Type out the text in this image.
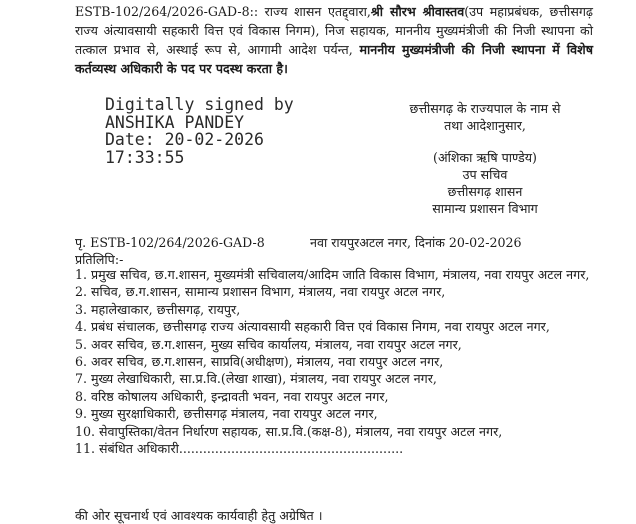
ESTB-102/264/2026-GAD-8:: राज्य शासन एतद्द्वारा,श्री सौरभ श्रीवास्तव(उप महाप्रबंधक, छत्तीसगढ़ राज्य अंत्यावसायी सहकारी वित्त एवं विकास निगम), निज सहायक, माननीय मुख्यमंत्रीजी की निजी स्थापना को तत्काल प्रभाव से, अस्थाई रूप से, आगामी आदेश पर्यन्त, माननीय मुख्यमंत्रीजी की निजी स्थापना में विशेष कर्तव्यस्थ अधिकारी के पद पर पदस्थ करता है।

Digitally signed by
ANSHIKA PANDEY
Date: 20-02-2026
17:33:55
छत्तीसगढ़ के राज्यपाल के नाम से
तथा आदेशानुसार,
(अंशिका ऋषि पाण्डेय)
उप सचिव
छत्तीसगढ़ शासन
सामान्य प्रशासन विभाग
पृ. ESTB-102/264/2026-GAD-8	नवा रायपुरअटल नगर, दिनांक 20-02-2026
प्रतिलिपि:-
1. प्रमुख सचिव, छ.ग.शासन, मुख्यमंत्री सचिवालय/आदिम जाति विकास विभाग, मंत्रालय, नवा रायपुर अटल नगर,
2. सचिव, छ.ग.शासन, सामान्य प्रशासन विभाग, मंत्रालय, नवा रायपुर अटल नगर,
3. महालेखाकार, छत्तीसगढ़, रायपुर,
4. प्रबंध संचालक, छत्तीसगढ़ राज्य अंत्यावसायी सहकारी वित्त एवं विकास निगम, नवा रायपुर अटल नगर,
5. अवर सचिव, छ.ग.शासन, मुख्य सचिव कार्यालय, मंत्रालय, नवा रायपुर अटल नगर,
6. अवर सचिव, छ.ग.शासन, साप्रवि(अधीक्षण), मंत्रालय, नवा रायपुर अटल नगर,
7. मुख्य लेखाधिकारी, सा.प्र.वि.(लेखा शाखा), मंत्रालय, नवा रायपुर अटल नगर,
8. वरिष्ठ कोषालय अधिकारी, इन्द्रावती भवन, नवा रायपुर अटल नगर,
9. मुख्य सुरक्षाधिकारी, छत्तीसगढ़ मंत्रालय, नवा रायपुर अटल नगर,
10. सेवापुस्तिका/वेतन निर्धारण सहायक, सा.प्र.वि.(कक्ष-8), मंत्रालय, नवा रायपुर अटल नगर,
11. संबंधित अधिकारी........................................................
की ओर सूचनार्थ एवं आवश्यक कार्यवाही हेतु अग्रेषित ।
